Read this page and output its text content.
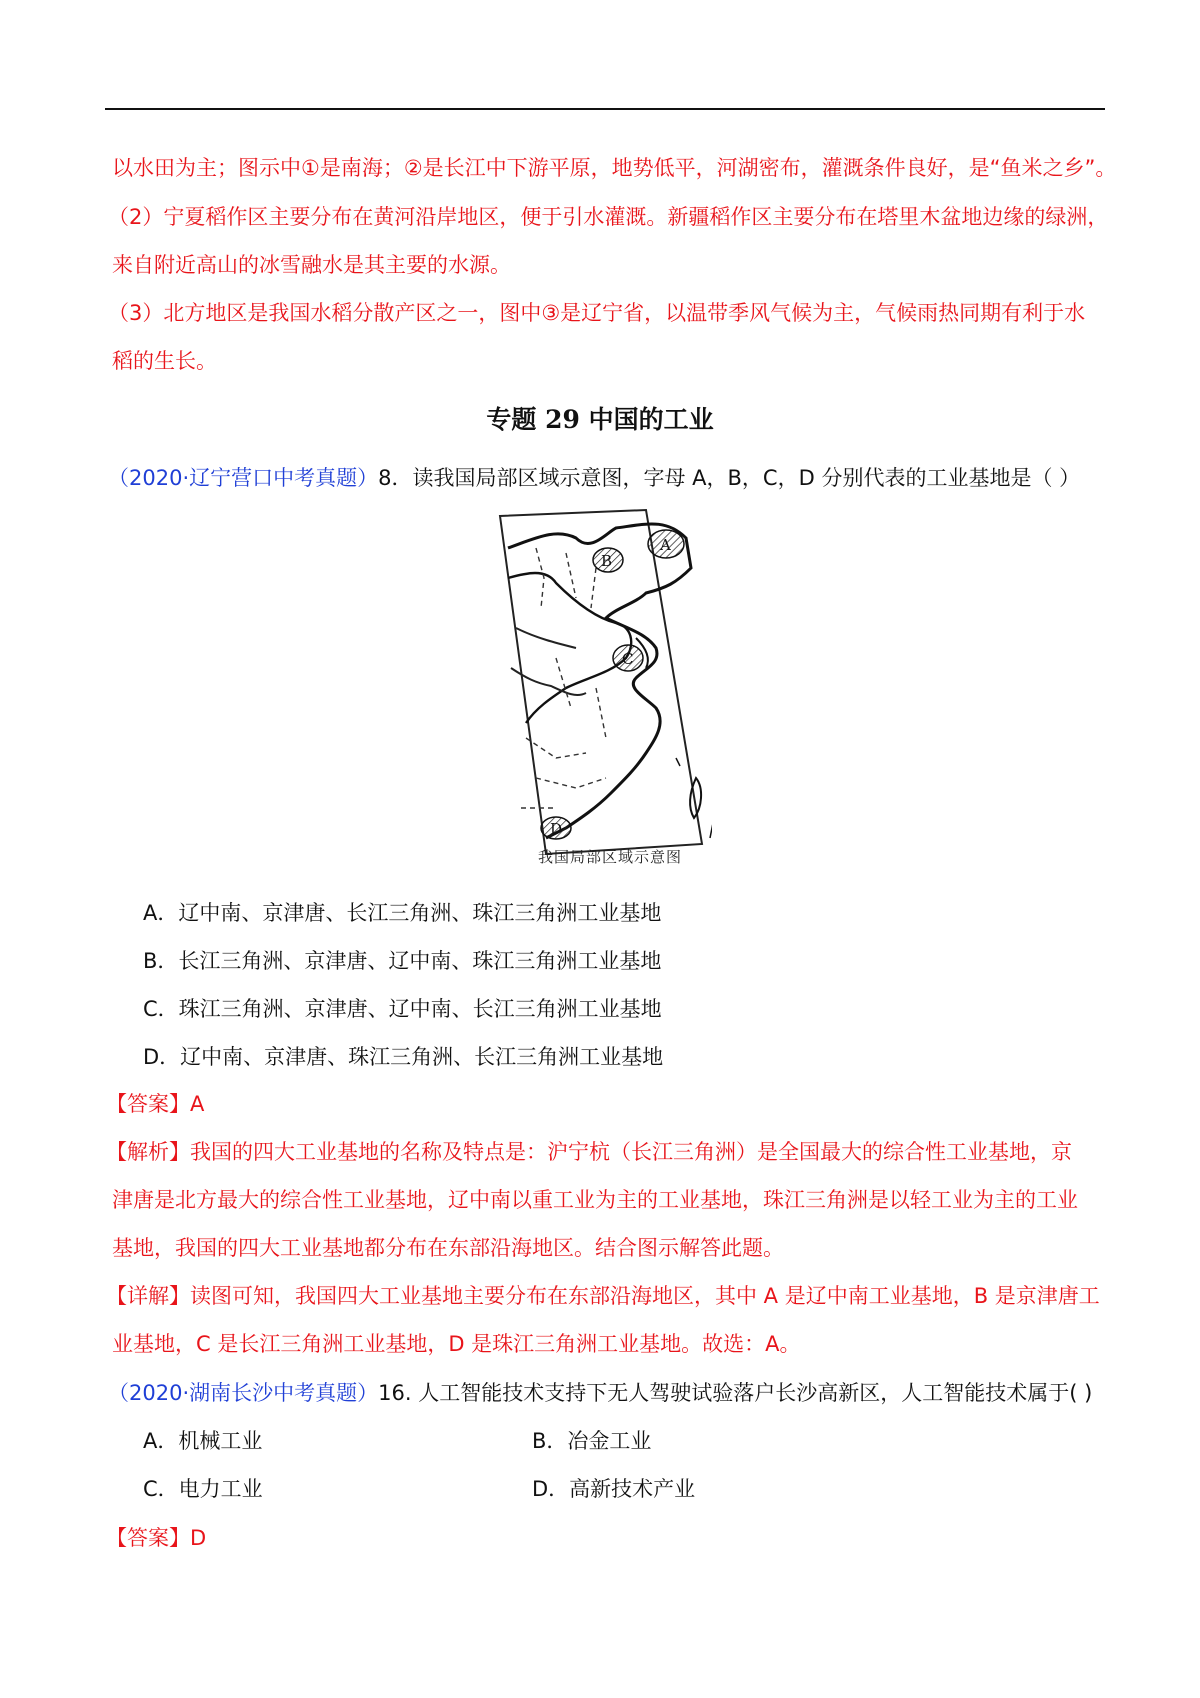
以水田为主；图示中①是南海；②是长江中下游平原，地势低平，河湖密布，灌溉条件良好，是“鱼米之乡”。
（2）宁夏稻作区主要分布在黄河沿岸地区，便于引水灌溉。新疆稻作区主要分布在塔里木盆地边缘的绿洲，
来自附近高山的冰雪融水是其主要的水源。
（3）北方地区是我国水稻分散产区之一，图中③是辽宁省，以温带季风气候为主，气候雨热同期有利于水
稻的生长。
专题 29 中国的工业
（2020·辽宁营口中考真题）8．读我国局部区域示意图，字母 A，B，C，D 分别代表的工业基地是（ ）
A
B
C
D
我国局部区域示意图
A．辽中南、京津唐、长江三角洲、珠江三角洲工业基地
B．长江三角洲、京津唐、辽中南、珠江三角洲工业基地
C．珠江三角洲、京津唐、辽中南、长江三角洲工业基地
D．辽中南、京津唐、珠江三角洲、长江三角洲工业基地
【答案】A
【解析】我国的四大工业基地的名称及特点是：沪宁杭（长江三角洲）是全国最大的综合性工业基地，京
津唐是北方最大的综合性工业基地，辽中南以重工业为主的工业基地，珠江三角洲是以轻工业为主的工业
基地，我国的四大工业基地都分布在东部沿海地区。结合图示解答此题。
【详解】读图可知，我国四大工业基地主要分布在东部沿海地区，其中 A 是辽中南工业基地，B 是京津唐工
业基地，C 是长江三角洲工业基地，D 是珠江三角洲工业基地。故选：A。
（2020·湖南长沙中考真题）16. 人工智能技术支持下无人驾驶试验落户长沙高新区，人工智能技术属于( )
A．机械工业	B．冶金工业
C．电力工业	D．高新技术产业
【答案】D
